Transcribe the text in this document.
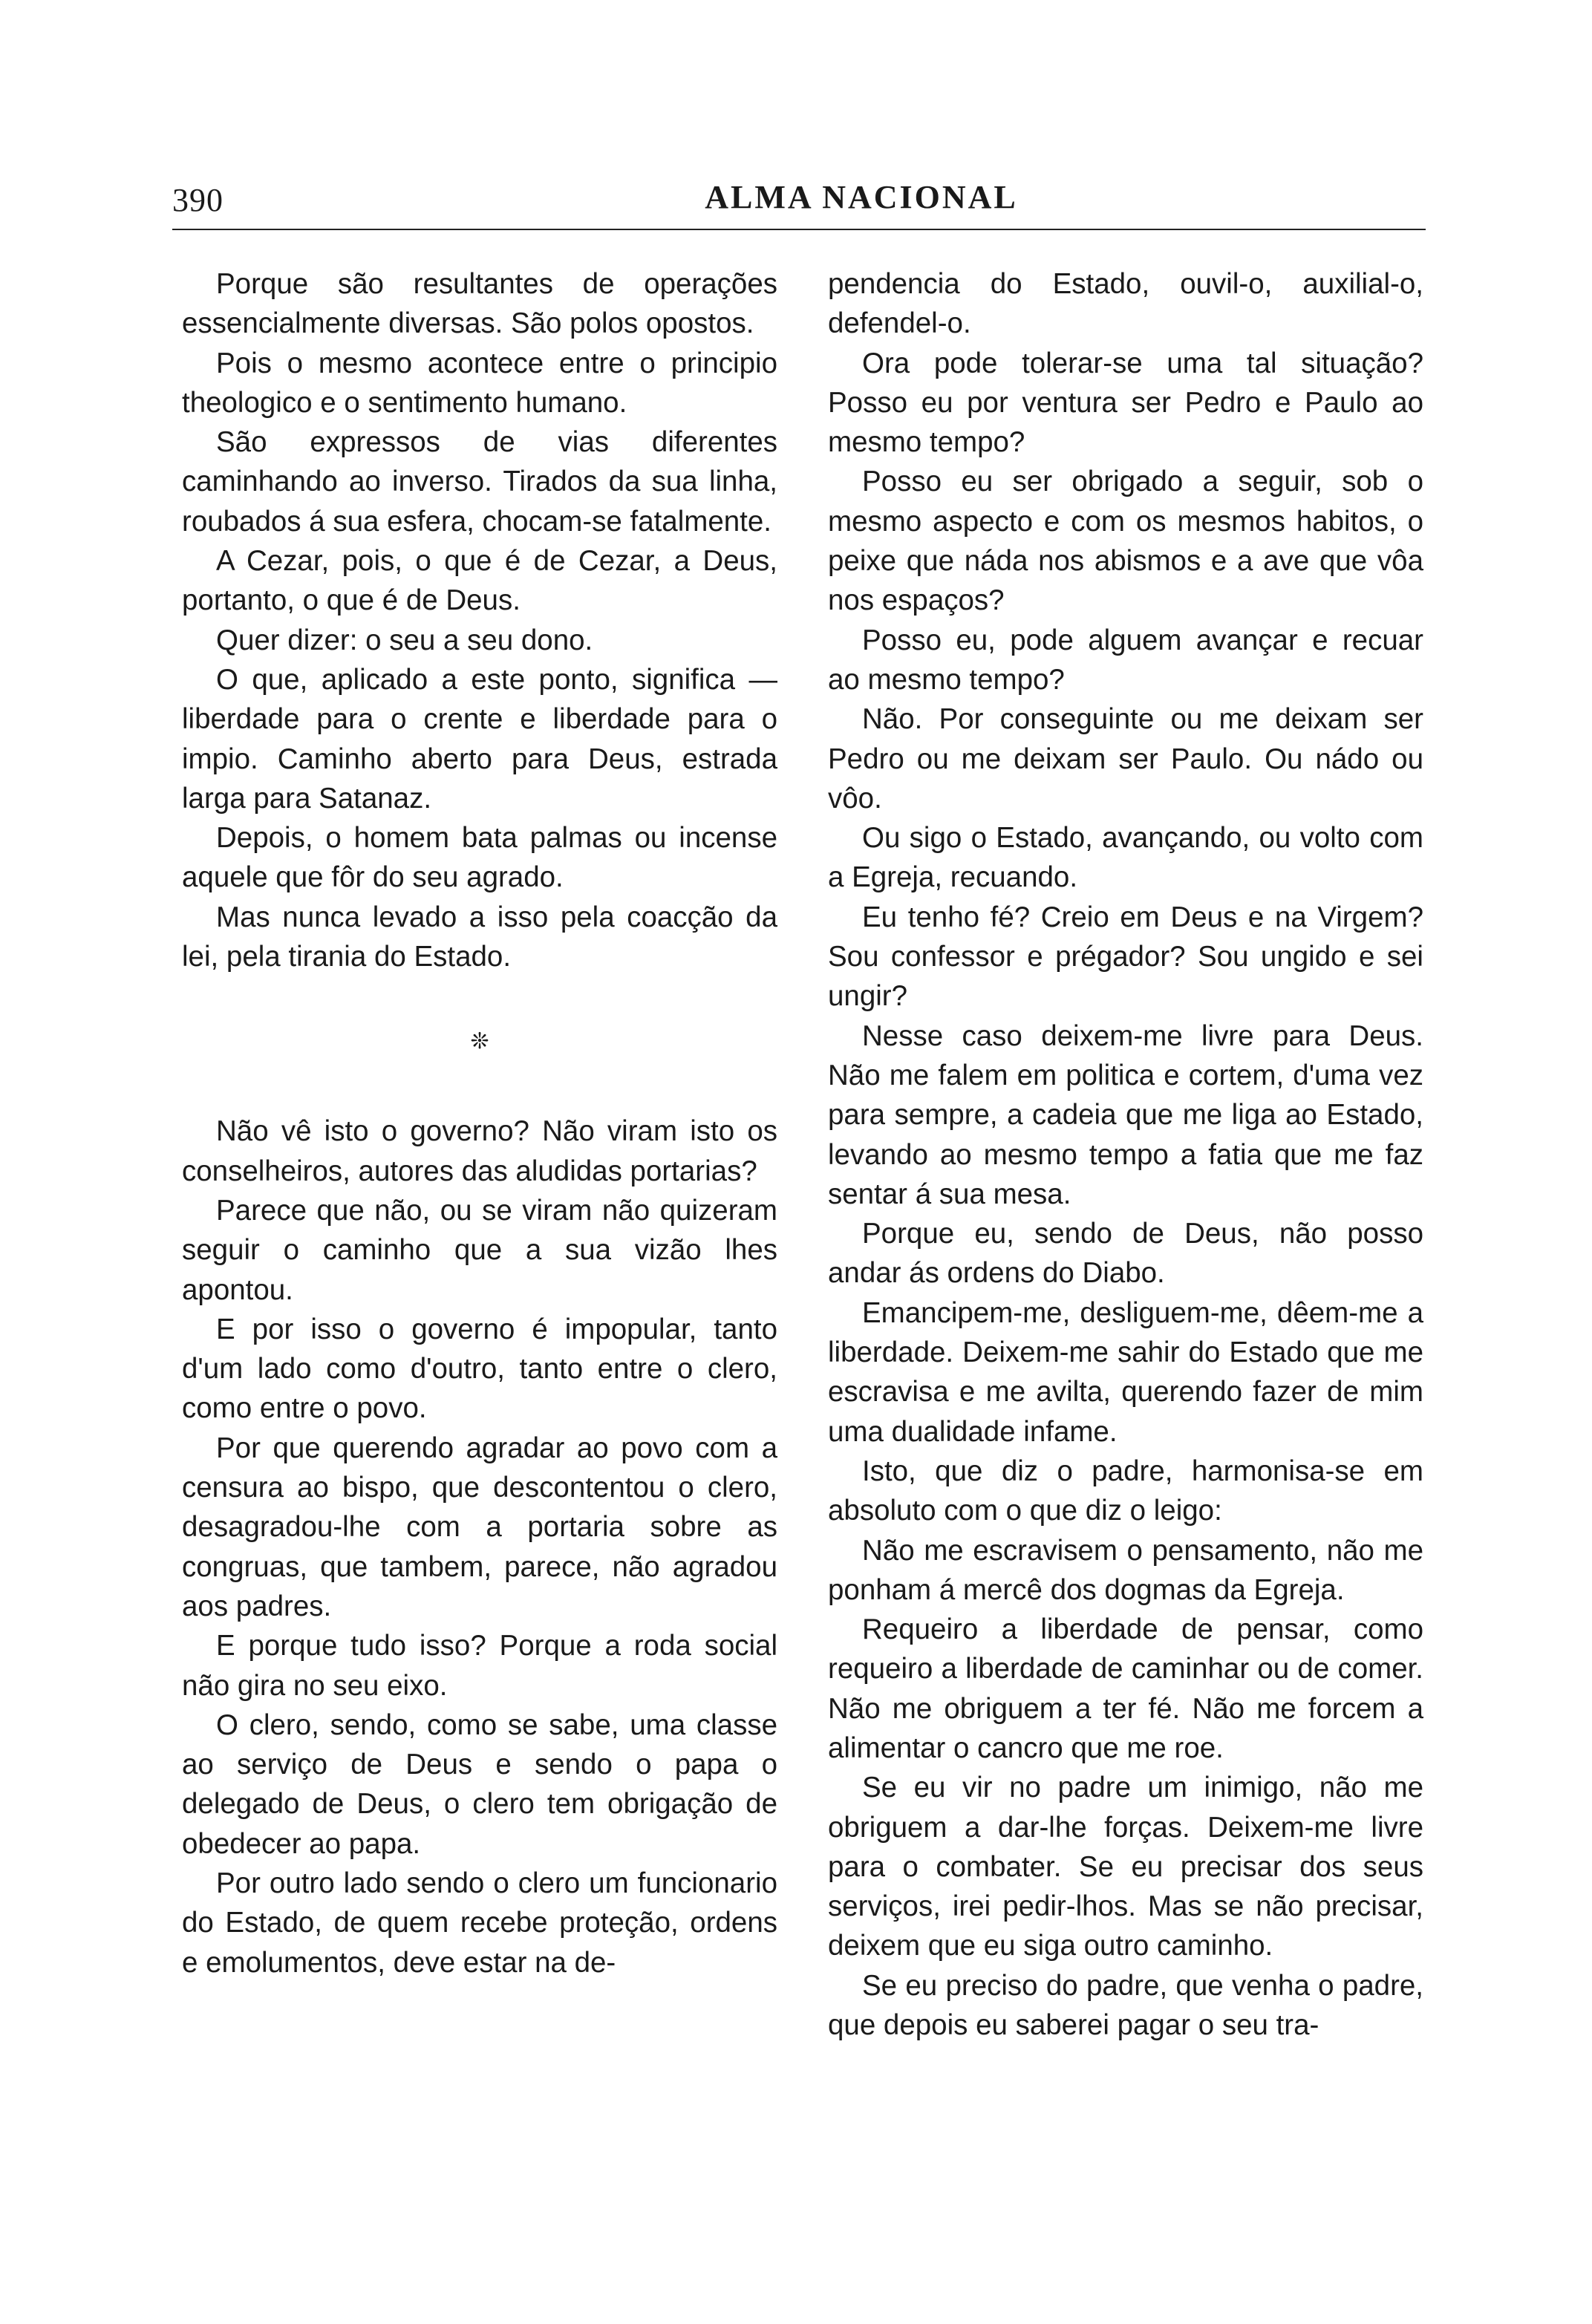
390	ALMA NACIONAL

Porque são resultantes de operações essencialmente diversas. São polos opostos.

Pois o mesmo acontece entre o principio theologico e o sentimento humano.

São expressos de vias diferentes caminhando ao inverso. Tirados da sua linha, roubados á sua esfera, chocam-se fatalmente.

A Cezar, pois, o que é de Cezar, a Deus, portanto, o que é de Deus.

Quer dizer: o seu a seu dono.

O que, aplicado a este ponto, significa — liberdade para o crente e liberdade para o impio. Caminho aberto para Deus, estrada larga para Satanaz.

Depois, o homem bata palmas ou incense aquele que fôr do seu agrado.

Mas nunca levado a isso pela coacção da lei, pela tirania do Estado.

❊

Não vê isto o governo? Não viram isto os conselheiros, autores das aludidas portarias?

Parece que não, ou se viram não quizeram seguir o caminho que a sua vizão lhes apontou.

E por isso o governo é impopular, tanto d'um lado como d'outro, tanto entre o clero, como entre o povo.

Por que querendo agradar ao povo com a censura ao bispo, que descontentou o clero, desagradou-lhe com a portaria sobre as congruas, que tambem, parece, não agradou aos padres.

E porque tudo isso? Porque a roda social não gira no seu eixo.

O clero, sendo, como se sabe, uma classe ao serviço de Deus e sendo o papa o delegado de Deus, o clero tem obrigação de obedecer ao papa.

Por outro lado sendo o clero um funcionario do Estado, de quem recebe proteção, ordens e emolumentos, deve estar na de-

pendencia do Estado, ouvil-o, auxilial-o, defendel-o.

Ora pode tolerar-se uma tal situação? Posso eu por ventura ser Pedro e Paulo ao mesmo tempo?

Posso eu ser obrigado a seguir, sob o mesmo aspecto e com os mesmos habitos, o peixe que náda nos abismos e a ave que vôa nos espaços?

Posso eu, pode alguem avançar e recuar ao mesmo tempo?

Não. Por conseguinte ou me deixam ser Pedro ou me deixam ser Paulo. Ou nádo ou vôo.

Ou sigo o Estado, avançando, ou volto com a Egreja, recuando.

Eu tenho fé? Creio em Deus e na Virgem? Sou confessor e prégador? Sou ungido e sei ungir?

Nesse caso deixem-me livre para Deus. Não me falem em politica e cortem, d'uma vez para sempre, a cadeia que me liga ao Estado, levando ao mesmo tempo a fatia que me faz sentar á sua mesa.

Porque eu, sendo de Deus, não posso andar ás ordens do Diabo.

Emancipem-me, desliguem-me, dêem-me a liberdade. Deixem-me sahir do Estado que me escravisa e me avilta, querendo fazer de mim uma dualidade infame.

Isto, que diz o padre, harmonisa-se em absoluto com o que diz o leigo:

Não me escravisem o pensamento, não me ponham á mercê dos dogmas da Egreja.

Requeiro a liberdade de pensar, como requeiro a liberdade de caminhar ou de comer. Não me obriguem a ter fé. Não me forcem a alimentar o cancro que me roe.

Se eu vir no padre um inimigo, não me obriguem a dar-lhe forças. Deixem-me livre para o combater. Se eu precisar dos seus serviços, irei pedir-lhos. Mas se não precisar, deixem que eu siga outro caminho.

Se eu preciso do padre, que venha o padre, que depois eu saberei pagar o seu tra-
